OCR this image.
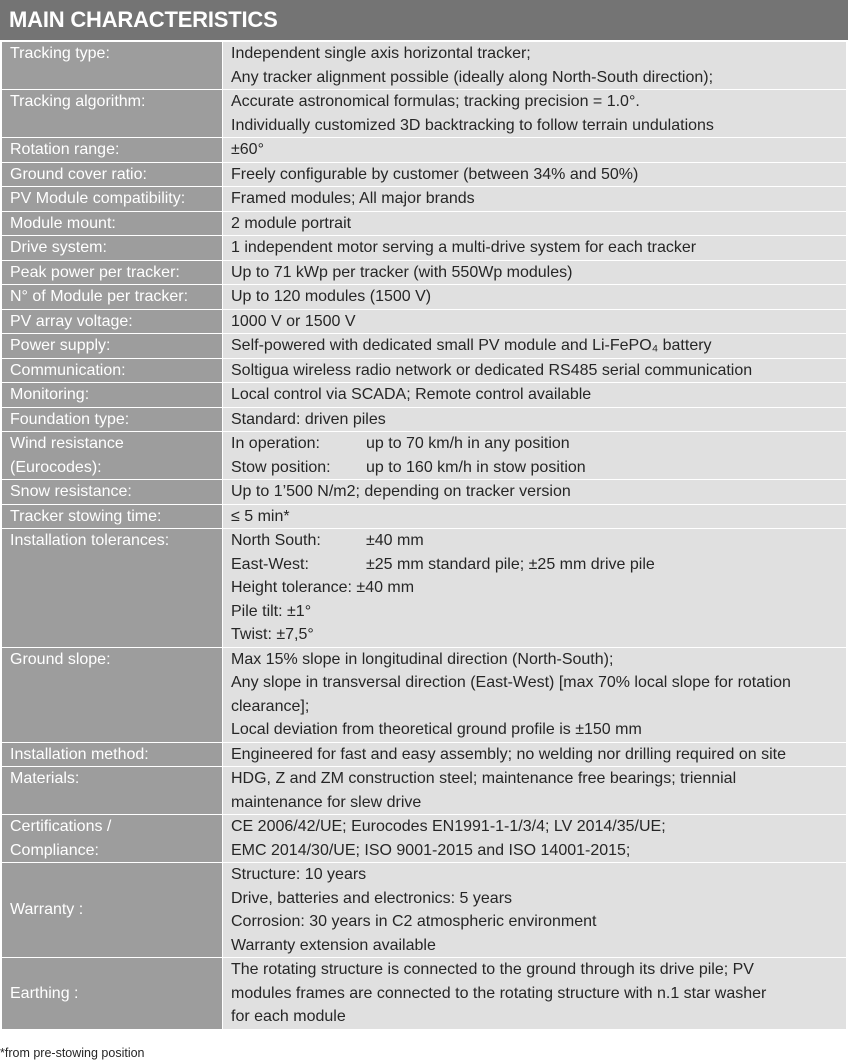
MAIN CHARACTERISTICS
Tracking type:	Independent single axis horizontal tracker;
Any tracker alignment possible (ideally along North-South direction);

Tracking algorithm:	Accurate astronomical formulas; tracking precision = 1.0°.
Individually customized 3D backtracking to follow terrain undulations

Rotation range:	±60°

Ground cover ratio:	Freely configurable by customer (between 34% and 50%)

PV Module compatibility:	Framed modules; All major brands

Module mount:	2 module portrait

Drive system:	1 independent motor serving a multi-drive system for each tracker

Peak power per tracker:	Up to 71 kWp per tracker (with 550Wp modules)

N° of Module per tracker:	Up to 120 modules (1500 V)

PV array voltage:	1000 V or 1500 V

Power supply:	Self-powered with dedicated small PV module and Li-FePO₄ battery

Communication:	Soltigua wireless radio network or dedicated RS485 serial communication

Monitoring:	Local control via SCADA; Remote control available

Foundation type:	Standard: driven piles

Wind resistance
(Eurocodes):	In operation: up to 70 km/h in any position
Stow position: up to 160 km/h in stow position

Snow resistance:	Up to 1’500 N/m2; depending on tracker version

Tracker stowing time:	≤ 5 min*

Installation tolerances:	North South: ±40 mm
East-West: ±25 mm standard pile; ±25 mm drive pile
Height tolerance: ±40 mm
Pile tilt: ±1°
Twist: ±7,5°

Ground slope:	Max 15% slope in longitudinal direction (North-South);
Any slope in transversal direction (East-West) [max 70% local slope for rotation
clearance];
Local deviation from theoretical ground profile is ±150 mm

Installation method:	Engineered for fast and easy assembly; no welding nor drilling required on site

Materials:	HDG, Z and ZM construction steel; maintenance free bearings; triennial
maintenance for slew drive

Certifications /
Compliance:	CE 2006/42/UE; Eurocodes EN1991-1-1/3/4; LV 2014/35/UE;
EMC 2014/30/UE; ISO 9001-2015 and ISO 14001-2015;

Warranty :	Structure: 10 years
Drive, batteries and electronics: 5 years
Corrosion: 30 years in C2 atmospheric environment
Warranty extension available

Earthing :	The rotating structure is connected to the ground through its drive pile; PV
modules frames are connected to the rotating structure with n.1 star washer
for each module
*from pre-stowing position
